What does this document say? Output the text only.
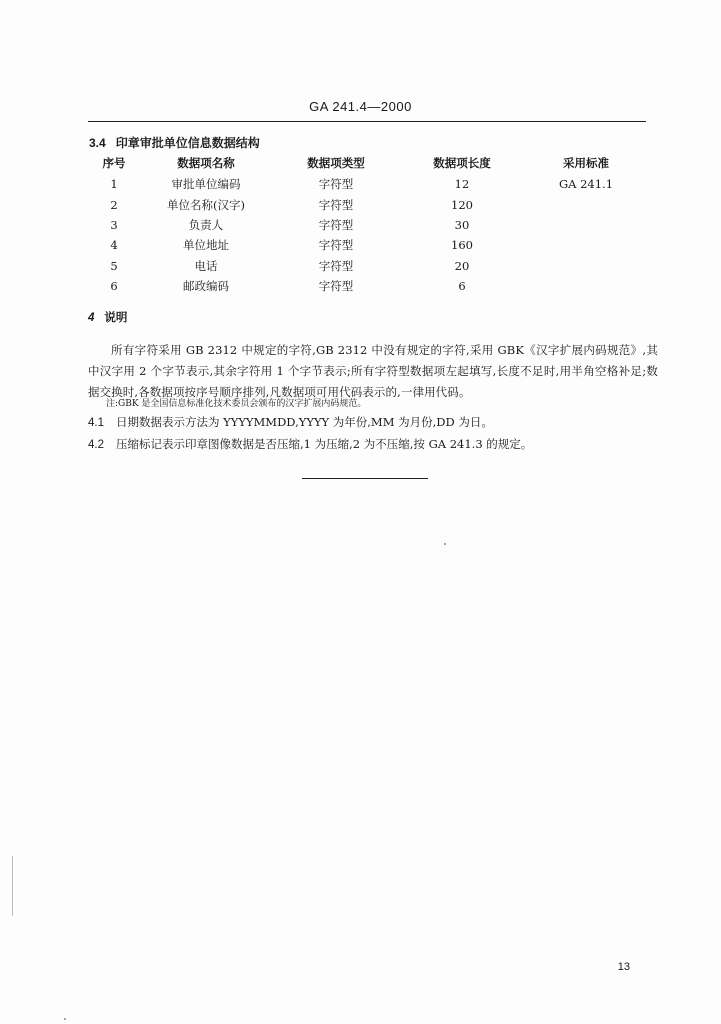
GA 241.4—2000
3.4 印章审批单位信息数据结构
序号	数据项名称	数据项类型	数据项长度	采用标准
1	审批单位编码	字符型	12	GA 241.1
2	单位名称(汉字)	字符型	120	
3	负责人	字符型	30	
4	单位地址	字符型	160	
5	电话	字符型	20	
6	邮政编码	字符型	6	
4 说明
所有字符采用 GB 2312 中规定的字符,GB 2312 中没有规定的字符,采用 GBK《汉字扩展内码规范》,其中汉字用 2 个字节表示,其余字符用 1 个字节表示;所有字符型数据项左起填写,长度不足时,用半角空格补足;数据交换时,各数据项按序号顺序排列,凡数据项可用代码表示的,一律用代码。
注:GBK 是全国信息标准化技术委员会颁布的汉字扩展内码规范。
4.1 日期数据表示方法为 YYYYMMDD,YYYY 为年份,MM 为月份,DD 为日。
4.2 压缩标记表示印章图像数据是否压缩,1 为压缩,2 为不压缩,按 GA 241.3 的规定。
13
